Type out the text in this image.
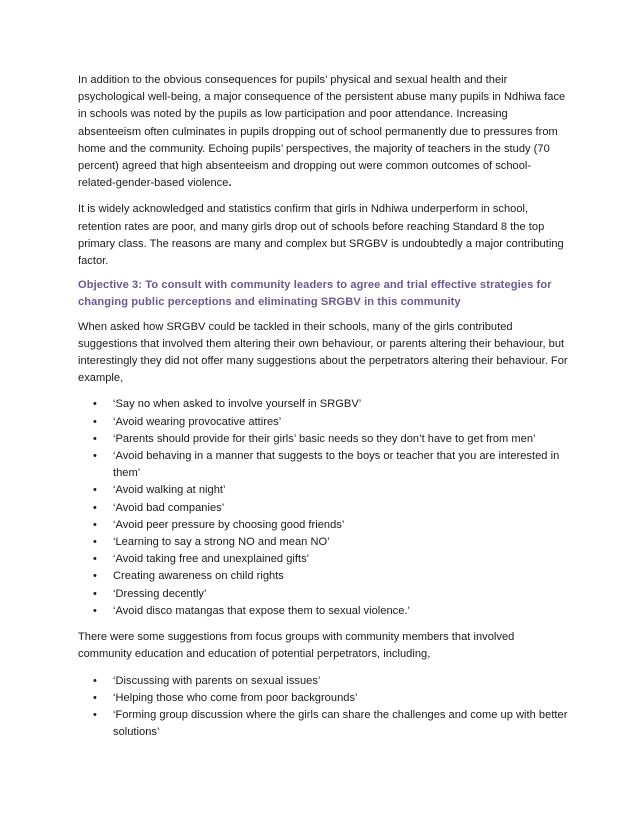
In addition to the obvious consequences for pupils’ physical and sexual health and their psychological well-being, a major consequence of the persistent abuse many pupils in Ndhiwa face in schools was noted by the pupils as low participation and poor attendance. Increasing absenteeism often culminates in pupils dropping out of school permanently due to pressures from home and the community. Echoing pupils’ perspectives, the majority of teachers in the study (70 percent) agreed that high absenteeism and dropping out were common outcomes of school-related-gender-based violence.

It is widely acknowledged and statistics confirm that girls in Ndhiwa underperform in school, retention rates are poor, and many girls drop out of schools before reaching Standard 8 the top primary class. The reasons are many and complex but SRGBV is undoubtedly a major contributing factor.

Objective 3: To consult with community leaders to agree and trial effective strategies for changing public perceptions and eliminating SRGBV in this community

When asked how SRGBV could be tackled in their schools, many of the girls contributed suggestions that involved them altering their own behaviour, or parents altering their behaviour, but interestingly they did not offer many suggestions about the perpetrators altering their behaviour. For example,

• ‘Say no when asked to involve yourself in SRGBV’
• ‘Avoid wearing provocative attires’
• ‘Parents should provide for their girls’ basic needs so they don’t have to get from men’
• ‘Avoid behaving in a manner that suggests to the boys or teacher that you are interested in them’
• ‘Avoid walking at night’
• ‘Avoid bad companies’
• ‘Avoid peer pressure by choosing good friends’
• ‘Learning to say a strong NO and mean NO’
• ‘Avoid taking free and unexplained gifts’
• Creating awareness on child rights
• ‘Dressing decently’
• ‘Avoid disco matangas that expose them to sexual violence.’

There were some suggestions from focus groups with community members that involved community education and education of potential perpetrators, including,

• ‘Discussing with parents on sexual issues’
• ‘Helping those who come from poor backgrounds’
• ‘Forming group discussion where the girls can share the challenges and come up with better solutions’
